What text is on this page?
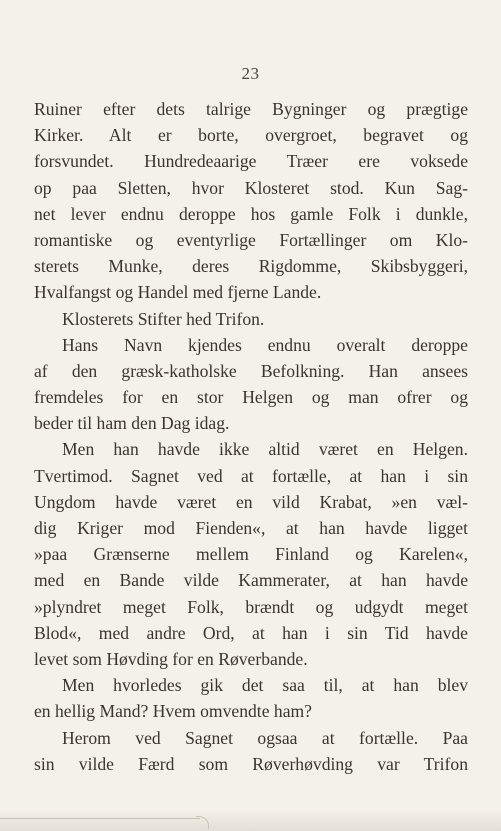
23
Ruiner efter dets talrige Bygninger og prægtige
Kirker. Alt er borte, overgroet, begravet og
forsvundet. Hundredeaarige Træer ere voksede
op paa Sletten, hvor Klosteret stod. Kun Sag-
net lever endnu deroppe hos gamle Folk i dunkle,
romantiske og eventyrlige Fortællinger om Klo-
sterets Munke, deres Rigdomme, Skibsbyggeri,
Hvalfangst og Handel med fjerne Lande.
Klosterets Stifter hed Trifon.
Hans Navn kjendes endnu overalt deroppe
af den græsk-katholske Befolkning. Han ansees
fremdeles for en stor Helgen og man ofrer og
beder til ham den Dag idag.
Men han havde ikke altid været en Helgen.
Tvertimod. Sagnet ved at fortælle, at han i sin
Ungdom havde været en vild Krabat, »en væl-
dig Kriger mod Fienden«, at han havde ligget
»paa Grænserne mellem Finland og Karelen«,
med en Bande vilde Kammerater, at han havde
»plyndret meget Folk, brændt og udgydt meget
Blod«, med andre Ord, at han i sin Tid havde
levet som Høvding for en Røverbande.
Men hvorledes gik det saa til, at han blev
en hellig Mand? Hvem omvendte ham?
Herom ved Sagnet ogsaa at fortælle. Paa
sin vilde Færd som Røverhøvding var Trifon
